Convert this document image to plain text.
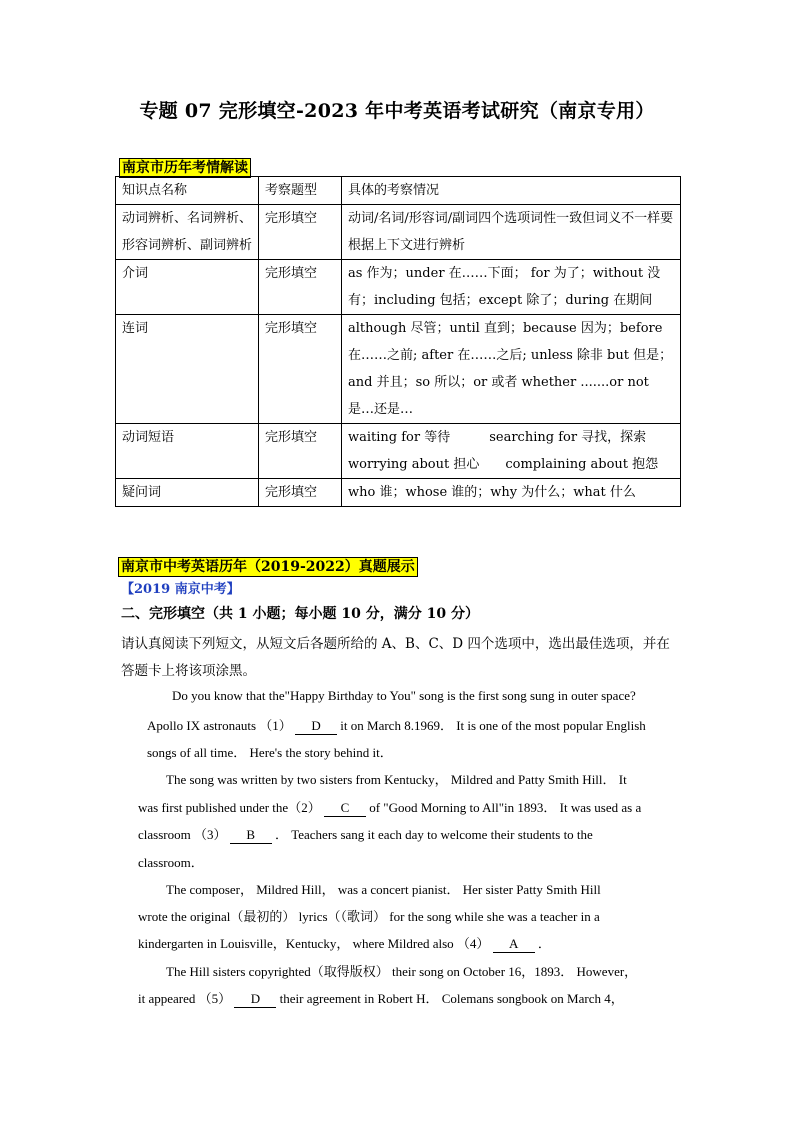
专题 07 完形填空-2023 年中考英语考试研究（南京专用）
南京市历年考情解读
知识点名称	考察题型	具体的考察情况
动词辨析、名词辨析、形容词辨析、副词辨析	完形填空	动词/名词/形容词/副词四个选项词性一致但词义不一样要根据上下文进行辨析
介词	完形填空	as 作为；under 在……下面； for 为了；without 没有；including 包括；except 除了；during 在期间
连词	完形填空	although 尽管；until 直到；because 因为；before 在……之前; after 在……之后; unless 除非 but 但是；and 并且；so 所以；or 或者 whether .......or not 是…还是…
动词短语	完形填空	waiting for 等待　　　searching for 寻找，探索 worrying about 担心　　complaining about 抱怨
疑问词	完形填空	who 谁；whose 谁的；why 为什么；what 什么
南京市中考英语历年（2019-2022）真题展示
【2019 南京中考】
二、完形填空（共 1 小题；每小题 10 分，满分 10 分）
请认真阅读下列短文，从短文后各题所给的 A、B、C、D 四个选项中，选出最佳选项，并在答题卡上将该项涂黑。
Do you know that the"Happy Birthday to You" song is the first song sung in outer space?
Apollo IX astronauts （1） D it on March 8.1969． It is one of the most popular English
songs of all time． Here's the story behind it．
The song was written by two sisters from Kentucky， Mildred and Patty Smith Hill． It
was first published under the（2） C of "Good Morning to All"in 1893． It was used as a
classroom （3） B ． Teachers sang it each day to welcome their students to the
classroom．
The composer， Mildred Hill， was a concert pianist． Her sister Patty Smith Hill
wrote the original（最初的） lyrics（（歌词） for the song while she was a teacher in a
kindergarten in Louisville，Kentucky， where Mildred also （4） A ．
The Hill sisters copyrighted（取得版权） their song on October 16，1893． However，
it appeared （5） D their agreement in Robert H． Colemans songbook on March 4，
